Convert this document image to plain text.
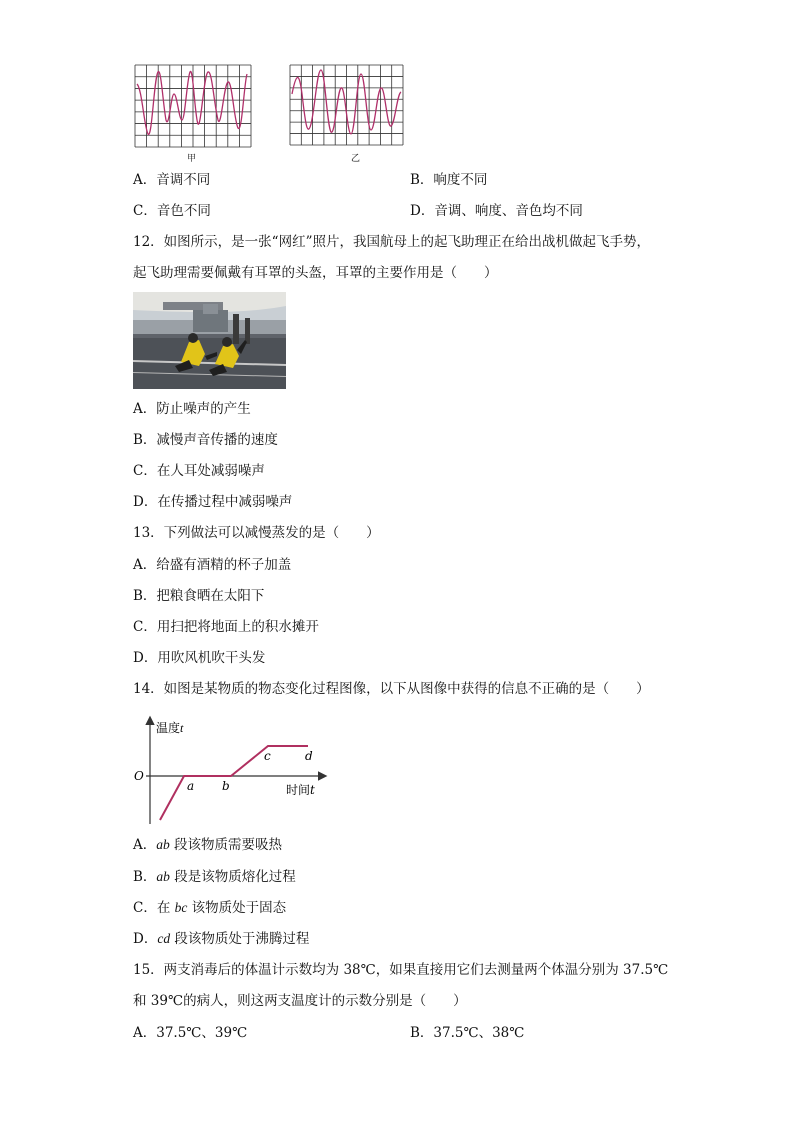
甲	乙
A．音调不同	B．响度不同
C．音色不同	D．音调、响度、音色均不同
12．如图所示，是一张“网红”照片，我国航母上的起飞助理正在给出战机做起飞手势，
起飞助理需要佩戴有耳罩的头盔，耳罩的主要作用是（　　）
A．防止噪声的产生
B．减慢声音传播的速度
C．在人耳处减弱噪声
D．在传播过程中减弱噪声
13．下列做法可以减慢蒸发的是（　　）
A．给盛有酒精的杯子加盖
B．把粮食晒在太阳下
C．用扫把将地面上的积水摊开
D．用吹风机吹干头发
14．如图是某物质的物态变化过程图像，以下从图像中获得的信息不正确的是（　　）
温度t
时间t
O
a b
c	d
A．ab 段该物质需要吸热
B．ab 段是该物质熔化过程
C．在 bc 该物质处于固态
D．cd 段该物质处于沸腾过程
15．两支消毒后的体温计示数均为 38℃，如果直接用它们去测量两个体温分别为 37.5℃
和 39℃的病人，则这两支温度计的示数分别是（　　）
A．37.5℃、39℃	B．37.5℃、38℃
